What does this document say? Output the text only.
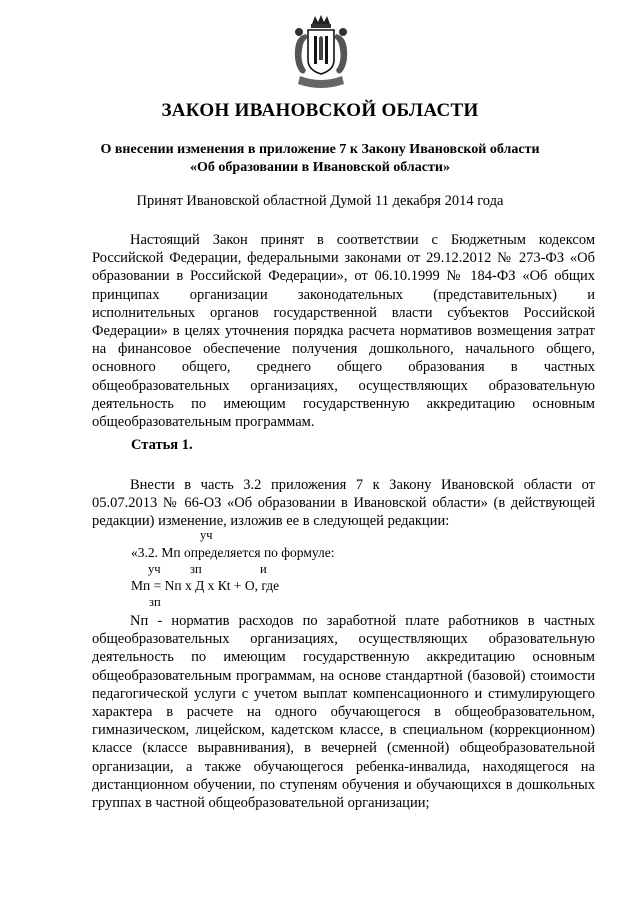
ЗАКОН ИВАНОВСКОЙ ОБЛАСТИ
О внесении изменения в приложение 7 к Закону Ивановской области
«Об образовании в Ивановской области»
Принят Ивановской областной Думой 11 декабря 2014 года

Настоящий Закон принят в соответствии с Бюджетным кодексом Российской Федерации, федеральными законами от 29.12.2012 № 273-ФЗ «Об образовании в Российской Федерации», от 06.10.1999 № 184-ФЗ «Об общих принципах организации законодательных (представительных) и исполнительных органов государственной власти субъектов Российской Федерации» в целях уточнения порядка расчета нормативов возмещения затрат на финансовое обеспечение получения дошкольного, начального общего, основного общего, среднего общего образования в частных общеобразовательных организациях, осуществляющих образовательную деятельность по имеющим государственную аккредитацию основным общеобразовательным программам.

Статья 1.

Внести в часть 3.2 приложения 7 к Закону Ивановской области от 05.07.2013 № 66-ОЗ «Об образовании в Ивановской области» (в действующей редакции) изменение, изложив ее в следующей редакции:

уч
«3.2. Мп определяется по формуле:
уч зп	и
Мп = Nп х Д х Кt + О, где
зп

Nп - норматив расходов по заработной плате работников в частных общеобразовательных организациях, осуществляющих образовательную деятельность по имеющим государственную аккредитацию основным общеобразовательным программам, на основе стандартной (базовой) стоимости педагогической услуги с учетом выплат компенсационного и стимулирующего характера в расчете на одного обучающегося в общеобразовательном, гимназическом, лицейском, кадетском классе, в специальном (коррекционном) классе (классе выравнивания), в вечерней (сменной) общеобразовательной организации, а также обучающегося ребенка-инвалида, находящегося на дистанционном обучении, по ступеням обучения и обучающихся в дошкольных группах в частной общеобразовательной организации;
